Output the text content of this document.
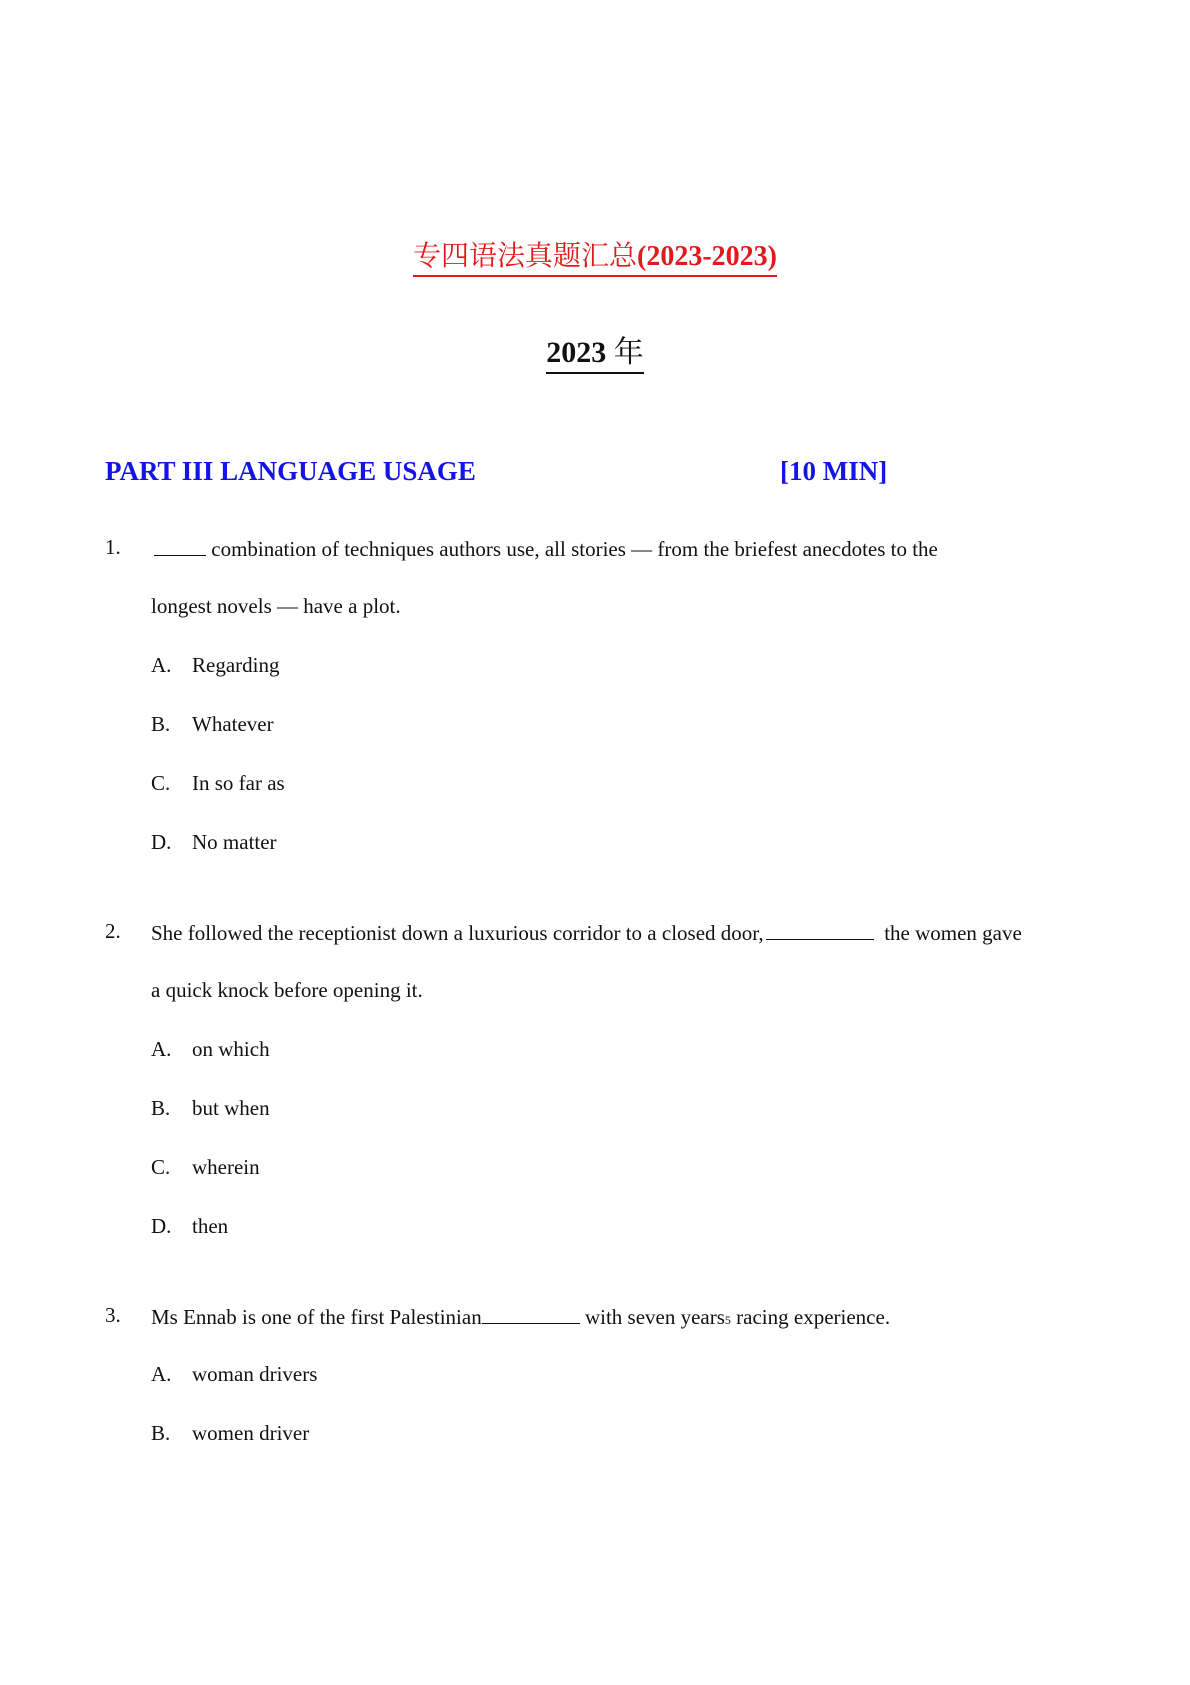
专四语法真题汇总(2023-2023)
2023 年
PART III LANGUAGE USAGE	[10 MIN]
1.	combination of techniques authors use, all stories — from the briefest anecdotes to the
longest novels — have a plot.
A. Regarding
B. Whatever
C. In so far as
D. No matter
2. She followed the receptionist down a luxurious corridor to a closed door,	the women gave
a quick knock before opening it.
A. on which
B. but when
C. wherein
D. then
3. Ms Ennab is one of the first Palestinian	with seven years5 racing experience.
A. woman drivers
B. women driver
